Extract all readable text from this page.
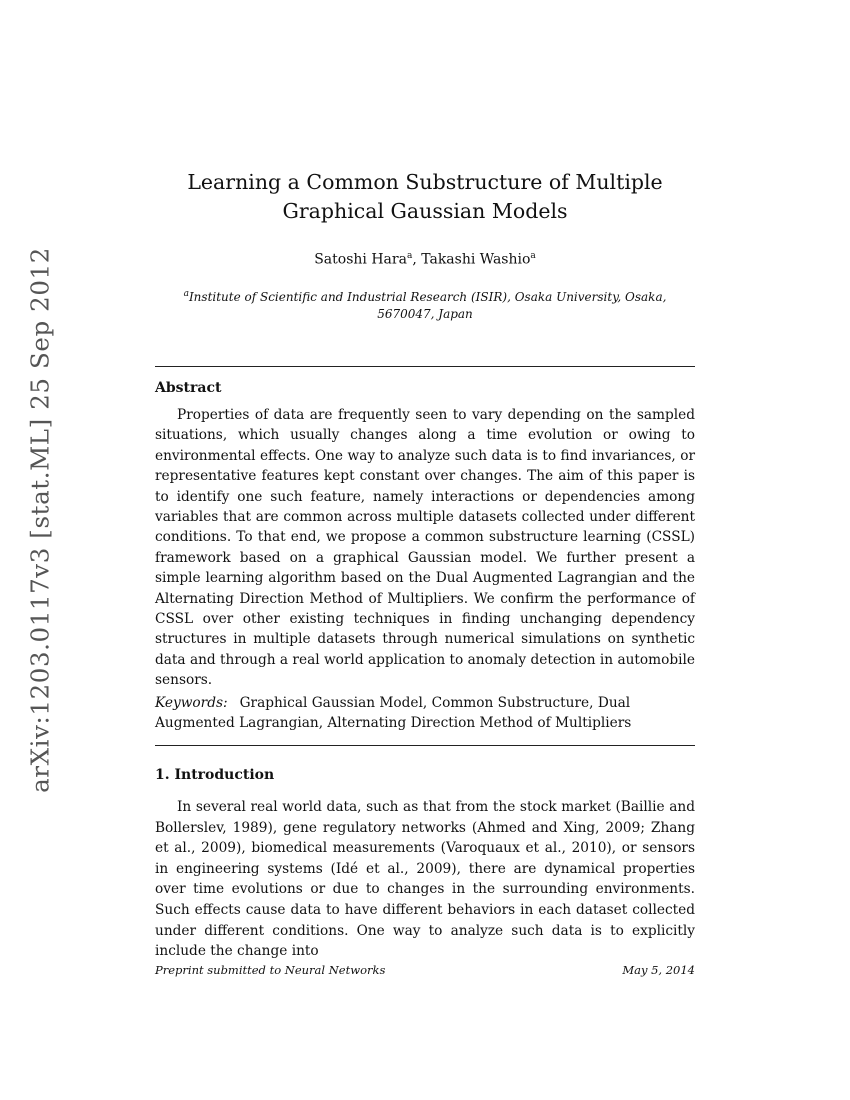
arXiv:1203.0117v3 [stat.ML] 25 Sep 2012
Learning a Common Substructure of Multiple Graphical Gaussian Models
Satoshi Hara$^a$, Takashi Washio$^a$
$^a$Institute of Scientific and Industrial Research (ISIR), Osaka University, Osaka, 5670047, Japan
Abstract

Properties of data are frequently seen to vary depending on the sampled situations, which usually changes along a time evolution or owing to environmental effects. One way to analyze such data is to find invariances, or representative features kept constant over changes. The aim of this paper is to identify one such feature, namely interactions or dependencies among variables that are common across multiple datasets collected under different conditions. To that end, we propose a common substructure learning (CSSL) framework based on a graphical Gaussian model. We further present a simple learning algorithm based on the Dual Augmented Lagrangian and the Alternating Direction Method of Multipliers. We confirm the performance of CSSL over other existing techniques in finding unchanging dependency structures in multiple datasets through numerical simulations on synthetic data and through a real world application to anomaly detection in automobile sensors.

Keywords: Graphical Gaussian Model, Common Substructure, Dual Augmented Lagrangian, Alternating Direction Method of Multipliers

1. Introduction

In several real world data, such as that from the stock market (Baillie and Bollerslev, 1989), gene regulatory networks (Ahmed and Xing, 2009; Zhang et al., 2009), biomedical measurements (Varoquaux et al., 2010), or sensors in engineering systems (Idé et al., 2009), there are dynamical properties over time evolutions or due to changes in the surrounding environments. Such effects cause data to have different behaviors in each dataset collected under different conditions. One way to analyze such data is to explicitly include the change into

Preprint submitted to Neural Networks	May 5, 2014
